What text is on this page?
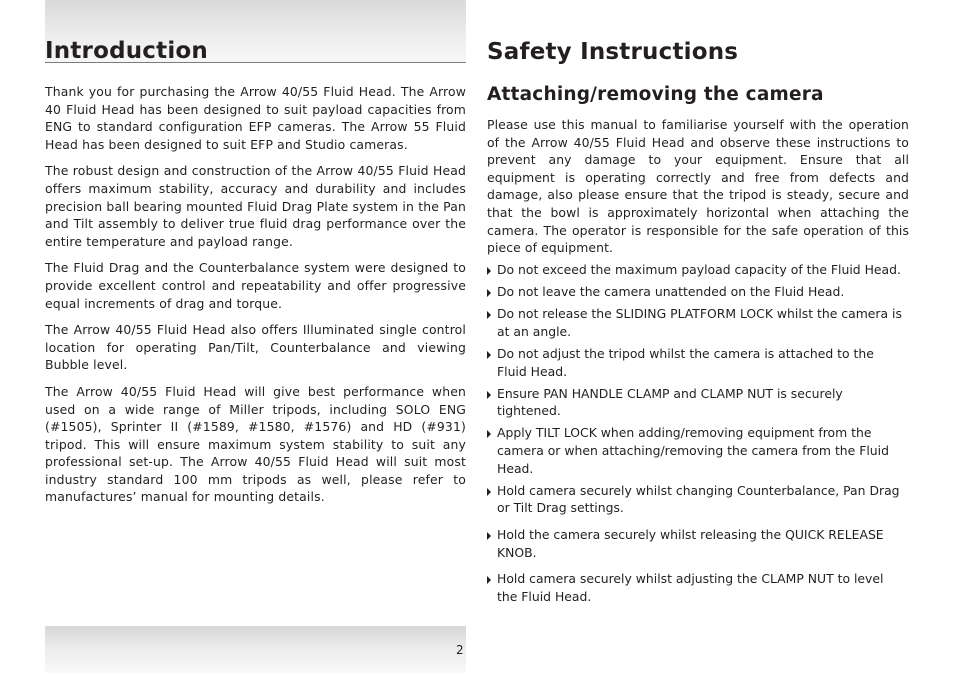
Introduction

Thank you for purchasing the Arrow 40/55 Fluid Head. The Arrow 40 Fluid Head has been designed to suit payload capacities from ENG to standard configuration EFP cameras. The Arrow 55 Fluid Head has been designed to suit EFP and Studio cameras.

The robust design and construction of the Arrow 40/55 Fluid Head offers maximum stability, accuracy and durability and includes precision ball bearing mounted Fluid Drag Plate system in the Pan and Tilt assembly to deliver true fluid drag performance over the entire temperature and payload range.

The Fluid Drag and the Counterbalance system were designed to provide excellent control and repeatability and offer progressive equal increments of drag and torque.

The Arrow 40/55 Fluid Head also offers Illuminated single control location for operating Pan/Tilt, Counterbalance and viewing Bubble level.

The Arrow 40/55 Fluid Head will give best performance when used on a wide range of Miller tripods, including SOLO ENG (#1505), Sprinter II (#1589, #1580, #1576) and HD (#931) tripod. This will ensure maximum system stability to suit any professional set-up. The Arrow 40/55 Fluid Head will suit most industry standard 100 mm tripods as well, please refer to manufactures’ manual for mounting details.

Safety Instructions
Attaching/removing the camera

Please use this manual to familiarise yourself with the operation of the Arrow 40/55 Fluid Head and observe these instructions to prevent any damage to your equipment. Ensure that all equipment is operating correctly and free from defects and damage, also please ensure that the tripod is steady, secure and that the bowl is approximately horizontal when attaching the camera. The operator is responsible for the safe operation of this piece of equipment.

Do not exceed the maximum payload capacity of the Fluid Head.
Do not leave the camera unattended on the Fluid Head.
Do not release the SLIDING PLATFORM LOCK whilst the camera is at an angle.
Do not adjust the tripod whilst the camera is attached to the Fluid Head.
Ensure PAN HANDLE CLAMP and CLAMP NUT is securely tightened.
Apply TILT LOCK when adding/removing equipment from the camera or when attaching/removing the camera from the Fluid Head.
Hold camera securely whilst changing Counterbalance, Pan Drag or Tilt Drag settings.
Hold the camera securely whilst releasing the QUICK RELEASE KNOB.
Hold camera securely whilst adjusting the CLAMP NUT to level the Fluid Head.
2
